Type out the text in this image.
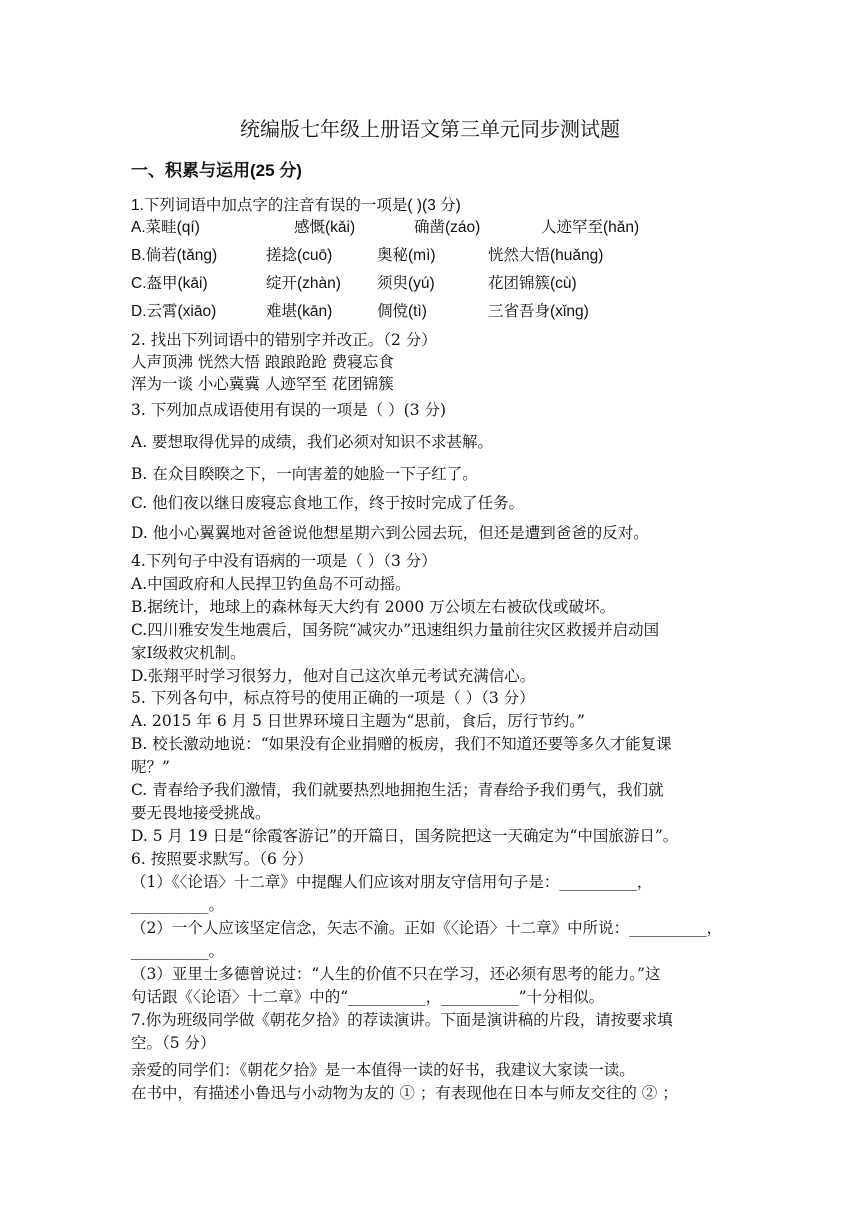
统编版七年级上册语文第三单元同步测试题
一、积累与运用(25 分)
1.下列词语中加点字的注音有误的一项是( )(3 分)
A.菜畦(qí)	感慨(kǎi)	确凿(záo)	人迹罕至(hǎn)
B.倘若(tǎng)	搓捻(cuō)	奥秘(mì)	恍然大悟(huǎng)
C.盔甲(kāi)	绽开(zhàn) 须臾(yú)	花团锦簇(cù)
D.云霄(xiāo)	难堪(kān)	倜傥(tì)	三省吾身(xǐng)
2. 找出下列词语中的错别字并改正。（2 分）
人声顶沸 恍然大悟 踉踉跄跄 费寝忘食
浑为一谈 小心冀冀 人迹罕至 花团锦簇
3. 下列加点成语使用有误的一项是（ ）(3 分)
A. 要想取得优异的成绩，我们必须对知识不求甚解。
B. 在众目睽睽之下，一向害羞的她脸一下子红了。
C. 他们夜以继日废寝忘食地工作，终于按时完成了任务。
D. 他小心翼翼地对爸爸说他想星期六到公园去玩，但还是遭到爸爸的反对。
4.下列句子中没有语病的一项是（ ）（3 分）
A.中国政府和人民捍卫钓鱼岛不可动摇。
B.据统计，地球上的森林每天大约有 2000 万公顷左右被砍伐或破坏。
C.四川雅安发生地震后，国务院“减灾办”迅速组织力量前往灾区救援并启动国
家Ⅰ级救灾机制。
D.张翔平时学习很努力，他对自己这次单元考试充满信心。
5. 下列各句中，标点符号的使用正确的一项是（ ）（3 分）
A. 2015 年 6 月 5 日世界环境日主题为“思前，食后，厉行节约。”
B. 校长激动地说：“如果没有企业捐赠的板房，我们不知道还要等多久才能复课
呢？”
C. 青春给予我们激情，我们就要热烈地拥抱生活；青春给予我们勇气，我们就
要无畏地接受挑战。
D. 5 月 19 日是“徐霞客游记”的开篇日，国务院把这一天确定为“中国旅游日”。
6. 按照要求默写。（6 分）
（1）《〈论语〉十二章》中提醒人们应该对朋友守信用句子是：__________，
__________。
（2）一个人应该坚定信念，矢志不渝。正如《〈论语〉十二章》中所说：__________，
__________。
（3）亚里士多德曾说过：“人生的价值不只在学习，还必须有思考的能力。”这
句话跟《〈论语〉十二章》中的“__________，__________”十分相似。
7.你为班级同学做《朝花夕拾》的荐读演讲。下面是演讲稿的片段，请按要求填
空。（5 分）
亲爱的同学们：《朝花夕拾》是一本值得一读的好书，我建议大家读一读。
在书中，有描述小鲁迅与小动物为友的 ① ；有表现他在日本与师友交往的 ② ；
